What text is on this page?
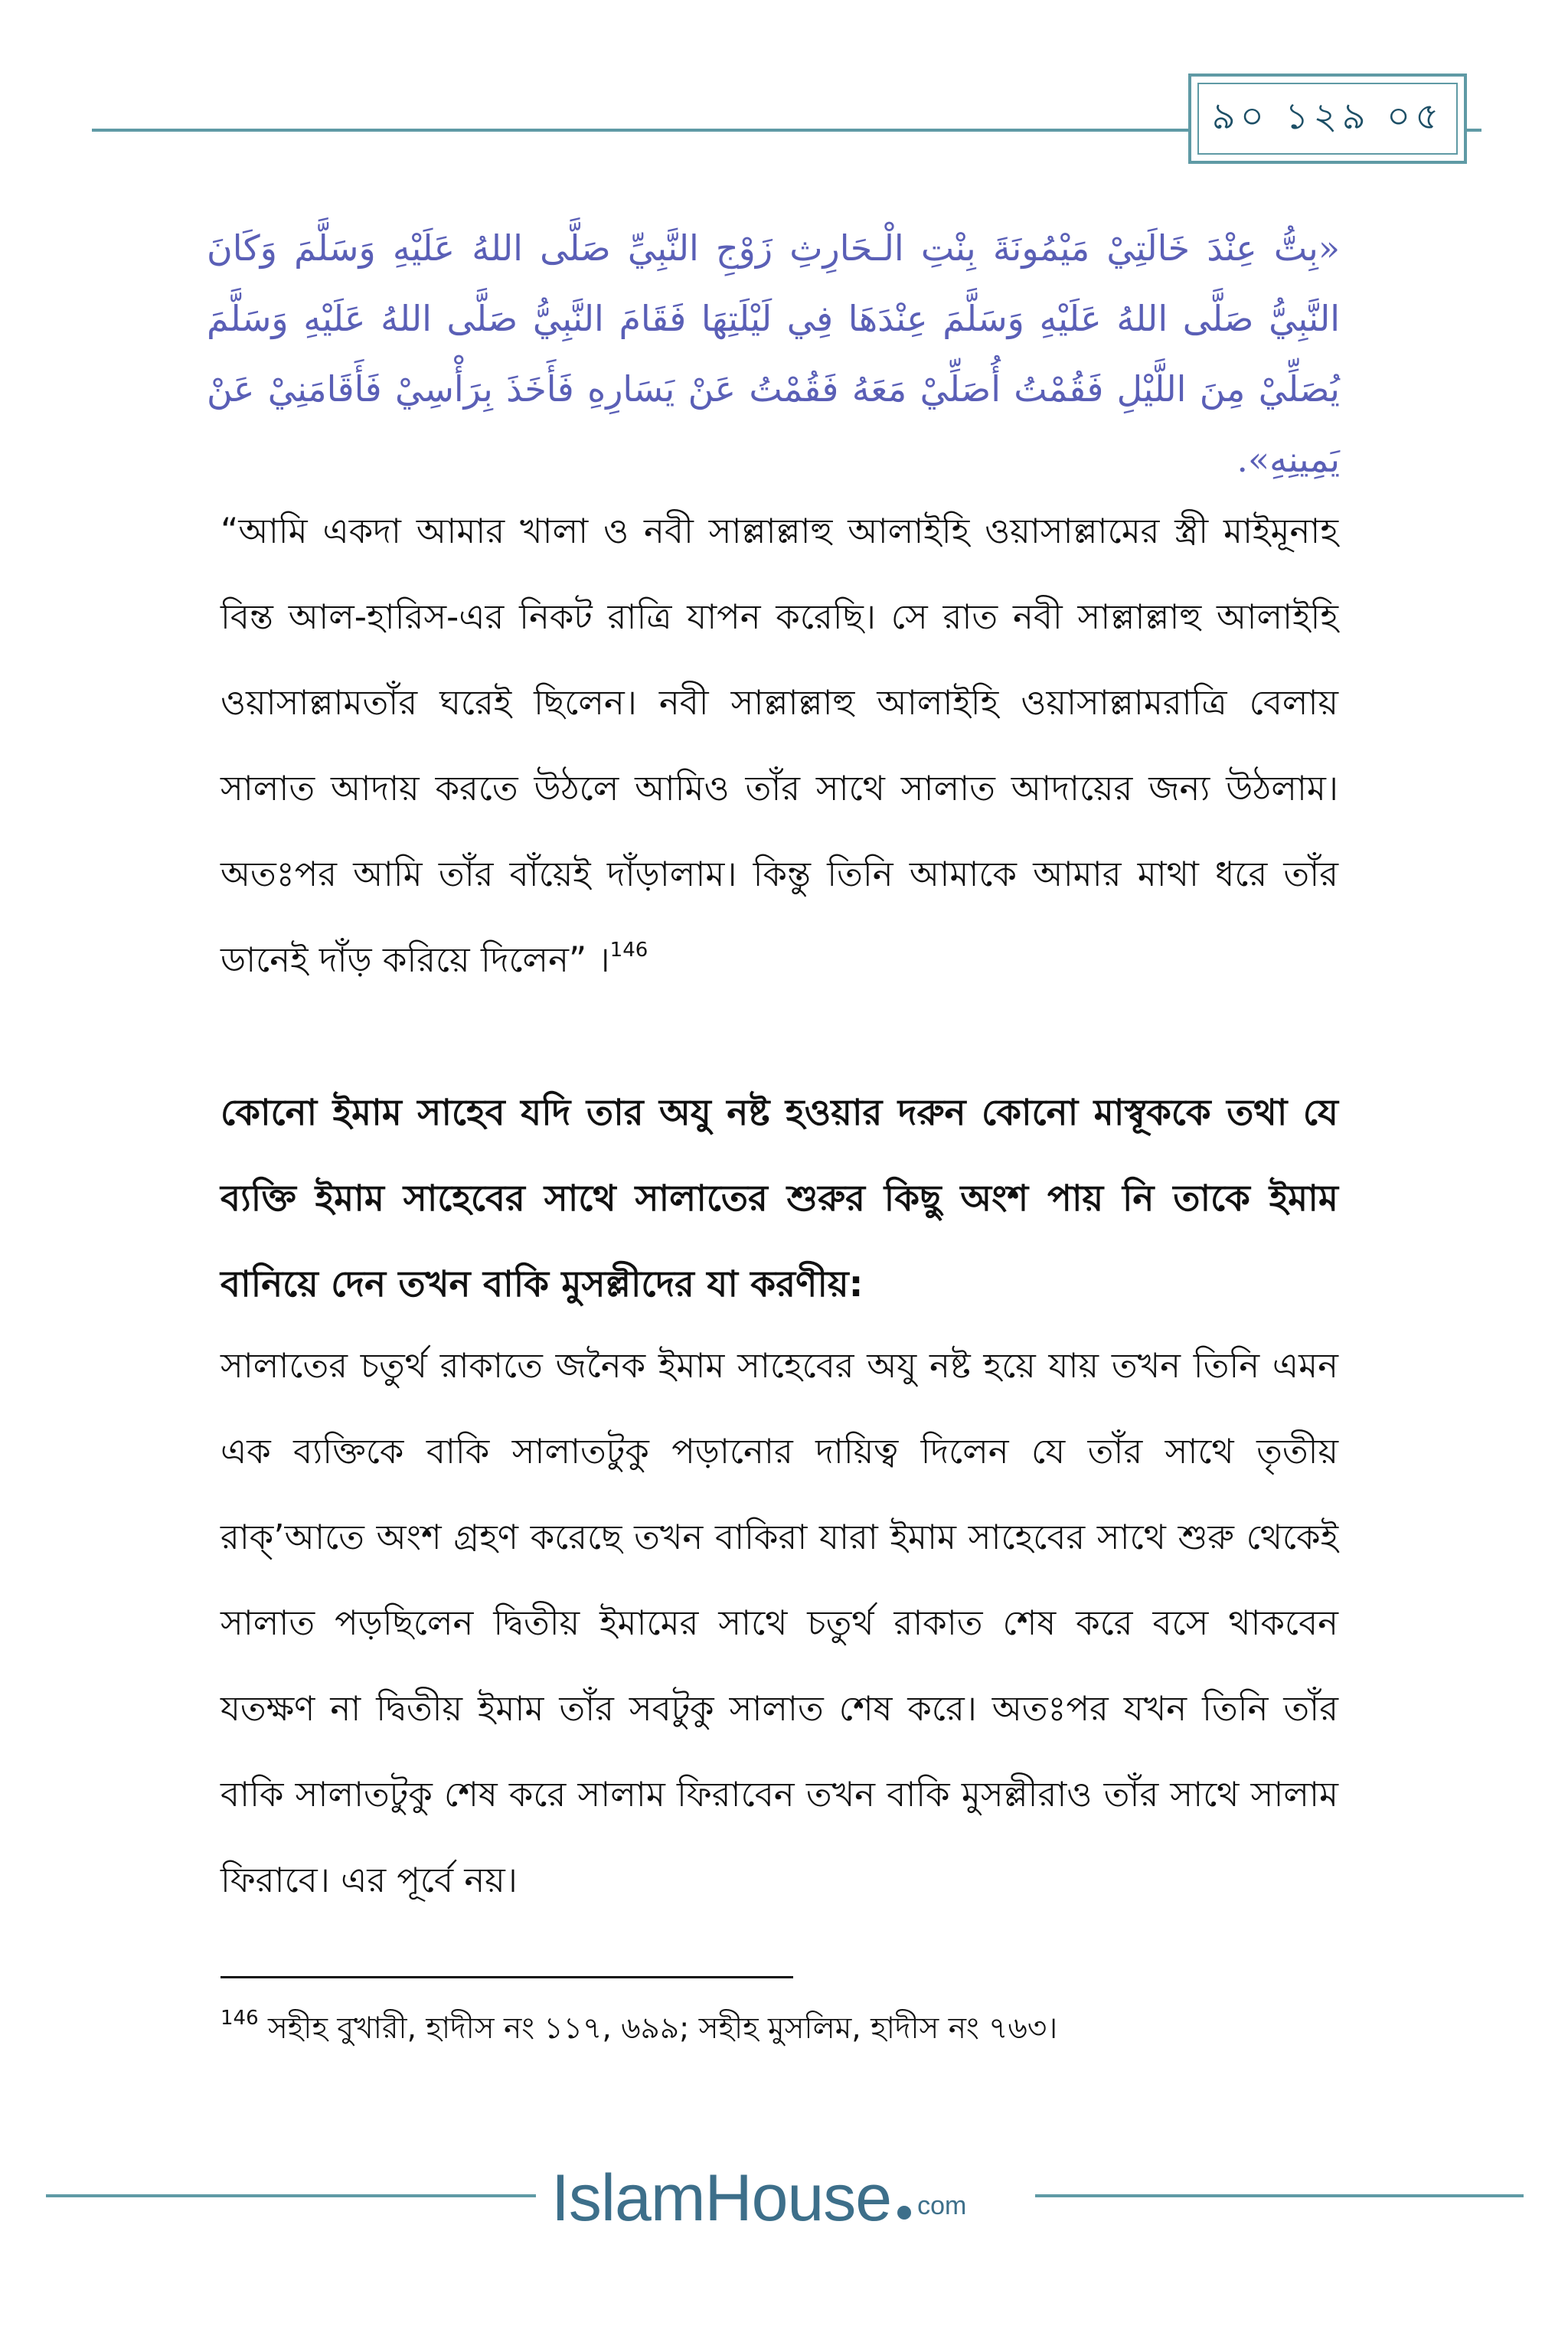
৯০ ১২৯ ০৫
«بِتُّ عِنْدَ خَالَتِيْ مَيْمُونَةَ بِنْتِ الْـحَارِثِ زَوْجِ النَّبِيِّ صَلَّى اللهُ عَلَيْهِ وَسَلَّمَ وَكَانَ النَّبِيُّ صَلَّى اللهُ عَلَيْهِ وَسَلَّمَ عِنْدَهَا فِي لَيْلَتِهَا فَقَامَ النَّبِيُّ صَلَّى اللهُ عَلَيْهِ وَسَلَّمَ يُصَلِّيْ مِنَ اللَّيْلِ فَقُمْتُ أُصَلِّيْ مَعَهُ فَقُمْتُ عَنْ يَسَارِهِ فَأَخَذَ بِرَأْسِيْ فَأَقَامَنِيْ عَنْ يَمِينِهِ».
“আমি একদা আমার খালা ও নবী সাল্লাল্লাহু আলাইহি ওয়াসাল্লামের স্ত্রী মাইমূনাহ বিন্ত আল-হারিস-এর নিকট রাত্রি যাপন করেছি। সে রাত নবী সাল্লাল্লাহু আলাইহি ওয়াসাল্লামতাঁর ঘরেই ছিলেন। নবী সাল্লাল্লাহু আলাইহি ওয়াসাল্লামরাত্রি বেলায় সালাত আদায় করতে উঠলে আমিও তাঁর সাথে সালাত আদায়ের জন্য উঠলাম। অতঃপর আমি তাঁর বাঁয়েই দাঁড়ালাম। কিন্তু তিনি আমাকে আমার মাথা ধরে তাঁর ডানেই দাঁড় করিয়ে দিলেন” ।$^{146}$
কোনো ইমাম সাহেব যদি তার অযু নষ্ট হওয়ার দরুন কোনো মাস্বূককে তথা যে ব্যক্তি ইমাম সাহেবের সাথে সালাতের শুরুর কিছু অংশ পায় নি তাকে ইমাম বানিয়ে দেন তখন বাকি মুসল্লীদের যা করণীয়:
সালাতের চতুর্থ রাকাতে জনৈক ইমাম সাহেবের অযু নষ্ট হয়ে যায় তখন তিনি এমন এক ব্যক্তিকে বাকি সালাতটুকু পড়ানোর দায়িত্ব দিলেন যে তাঁর সাথে তৃতীয় রাক্’আতে অংশ গ্রহণ করেছে তখন বাকিরা যারা ইমাম সাহেবের সাথে শুরু থেকেই সালাত পড়ছিলেন দ্বিতীয় ইমামের সাথে চতুর্থ রাকাত শেষ করে বসে থাকবেন যতক্ষণ না দ্বিতীয় ইমাম তাঁর সবটুকু সালাত শেষ করে। অতঃপর যখন তিনি তাঁর বাকি সালাতটুকু শেষ করে সালাম ফিরাবেন তখন বাকি মুসল্লীরাও তাঁর সাথে সালাম ফিরাবে। এর পূর্বে নয়।
$^{146}$ সহীহ বুখারী, হাদীস নং ১১৭, ৬৯৯; সহীহ মুসলিম, হাদীস নং ৭৬৩।
IslamHouse com
